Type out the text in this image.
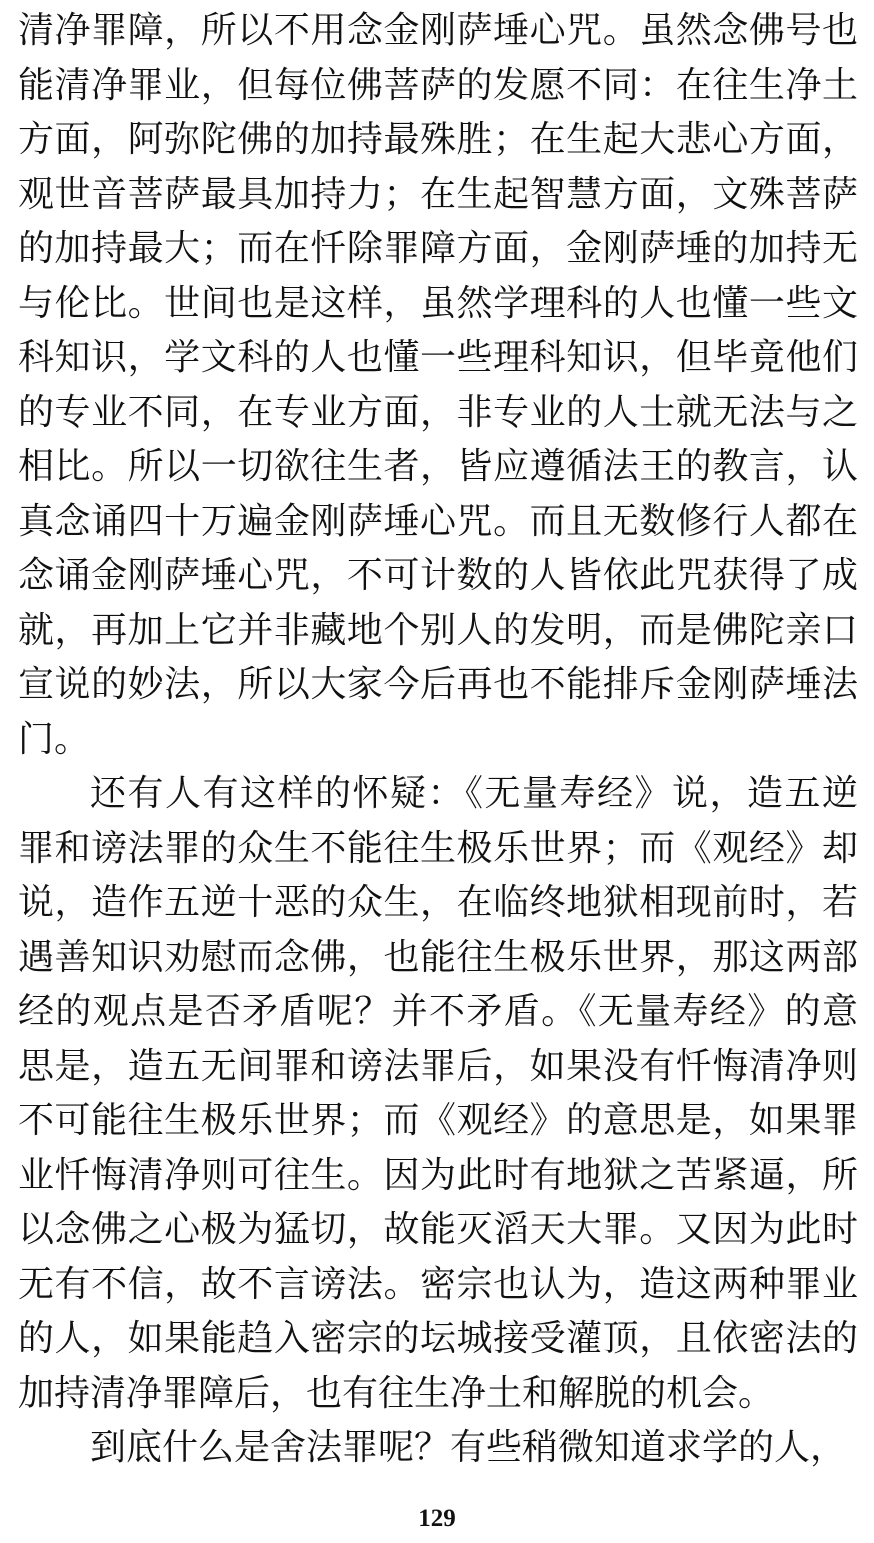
清净罪障，所以不用念金刚萨埵心咒。虽然念佛号也能清净罪业，但每位佛菩萨的发愿不同：在往生净土方面，阿弥陀佛的加持最殊胜；在生起大悲心方面，观世音菩萨最具加持力；在生起智慧方面，文殊菩萨的加持最大；而在忏除罪障方面，金刚萨埵的加持无与伦比。世间也是这样，虽然学理科的人也懂一些文科知识，学文科的人也懂一些理科知识，但毕竟他们的专业不同，在专业方面，非专业的人士就无法与之相比。所以一切欲往生者，皆应遵循法王的教言，认真念诵四十万遍金刚萨埵心咒。而且无数修行人都在念诵金刚萨埵心咒，不可计数的人皆依此咒获得了成就，再加上它并非藏地个别人的发明，而是佛陀亲口宣说的妙法，所以大家今后再也不能排斥金刚萨埵法门。

还有人有这样的怀疑：《无量寿经》说，造五逆罪和谤法罪的众生不能往生极乐世界；而《观经》却说，造作五逆十恶的众生，在临终地狱相现前时，若遇善知识劝慰而念佛，也能往生极乐世界，那这两部经的观点是否矛盾呢？并不矛盾。《无量寿经》的意思是，造五无间罪和谤法罪后，如果没有忏悔清净则不可能往生极乐世界；而《观经》的意思是，如果罪业忏悔清净则可往生。因为此时有地狱之苦紧逼，所以念佛之心极为猛切，故能灭滔天大罪。又因为此时无有不信，故不言谤法。密宗也认为，造这两种罪业的人，如果能趋入密宗的坛城接受灌顶，且依密法的加持清净罪障后，也有往生净土和解脱的机会。

到底什么是舍法罪呢？有些稍微知道求学的人，

129
